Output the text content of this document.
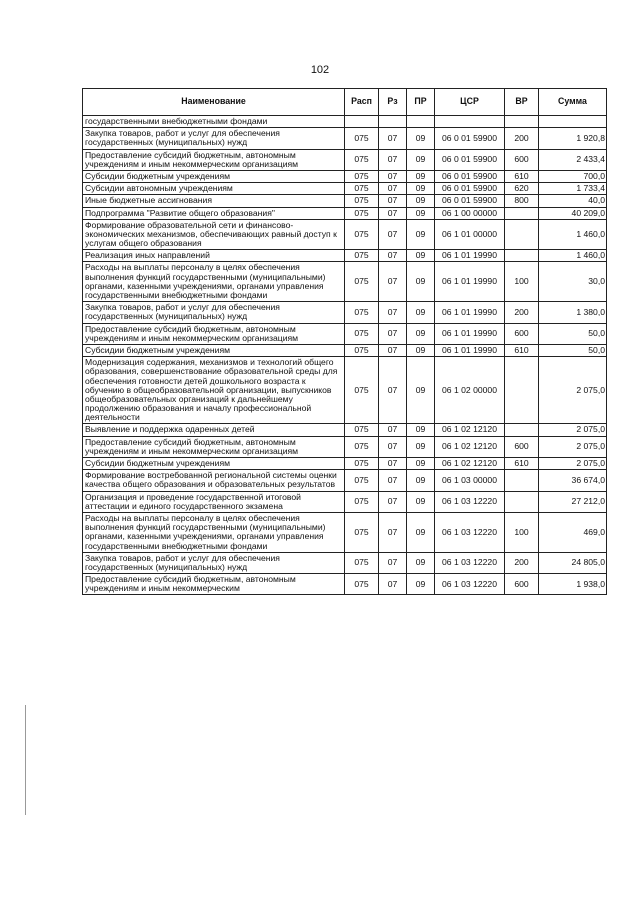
102
Наименование	Расп	Рз	ПР	ЦСР	ВР	Сумма
государственными внебюджетными фондами						
Закупка товаров, работ и услуг для обеспечения государственных (муниципальных) нужд	075	07	09	06 0 01 59900	200	1 920,8
Предоставление субсидий бюджетным, автономным учреждениям и иным некоммерческим организациям	075	07	09	06 0 01 59900	600	2 433,4
Субсидии бюджетным учреждениям	075	07	09	06 0 01 59900	610	700,0
Субсидии автономным учреждениям	075	07	09	06 0 01 59900	620	1 733,4
Иные бюджетные ассигнования	075	07	09	06 0 01 59900	800	40,0
Подпрограмма "Развитие общего образования"	075	07	09	06 1 00 00000		40 209,0
Формирование образовательной сети и финансово-экономических механизмов, обеспечивающих равный доступ к услугам общего образования	075	07	09	06 1 01 00000		1 460,0
Реализация иных направлений	075	07	09	06 1 01 19990		1 460,0
Расходы на выплаты персоналу в целях обеспечения выполнения функций государственными (муниципальными) органами, казенными учреждениями, органами управления государственными внебюджетными фондами	075	07	09	06 1 01 19990	100	30,0
Закупка товаров, работ и услуг для обеспечения государственных (муниципальных) нужд	075	07	09	06 1 01 19990	200	1 380,0
Предоставление субсидий бюджетным, автономным учреждениям и иным некоммерческим организациям	075	07	09	06 1 01 19990	600	50,0
Субсидии бюджетным учреждениям	075	07	09	06 1 01 19990	610	50,0
Модернизация содержания, механизмов и технологий общего образования, совершенствование образовательной среды для обеспечения готовности детей дошкольного возраста к обучению в общеобразовательной организации, выпускников общеобразовательных организаций к дальнейшему продолжению образования и началу профессиональной деятельности	075	07	09	06 1 02 00000		2 075,0
Выявление и поддержка одаренных детей	075	07	09	06 1 02 12120		2 075,0
Предоставление субсидий бюджетным, автономным учреждениям и иным некоммерческим организациям	075	07	09	06 1 02 12120	600	2 075,0
Субсидии бюджетным учреждениям	075	07	09	06 1 02 12120	610	2 075,0
Формирование востребованной региональной системы оценки качества общего образования и образовательных результатов	075	07	09	06 1 03 00000		36 674,0
Организация и проведение государственной итоговой аттестации и единого государственного экзамена	075	07	09	06 1 03 12220		27 212,0
Расходы на выплаты персоналу в целях обеспечения выполнения функций государственными (муниципальными) органами, казенными учреждениями, органами управления государственными внебюджетными фондами	075	07	09	06 1 03 12220	100	469,0
Закупка товаров, работ и услуг для обеспечения государственных (муниципальных) нужд	075	07	09	06 1 03 12220	200	24 805,0
Предоставление субсидий бюджетным, автономным учреждениям и иным некоммерческим	075	07	09	06 1 03 12220	600	1 938,0
